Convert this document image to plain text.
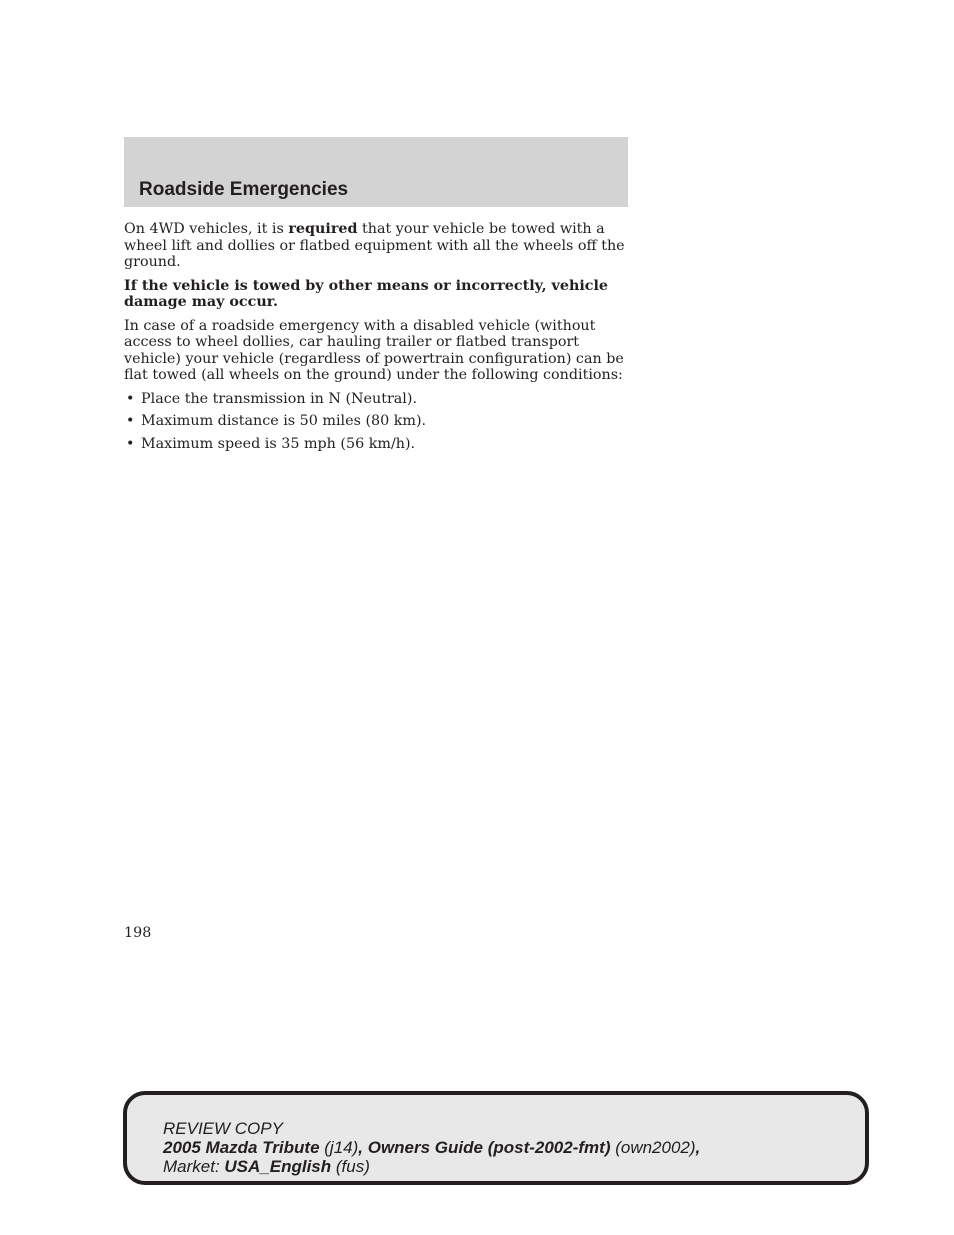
Roadside Emergencies

On 4WD vehicles, it is required that your vehicle be towed with a wheel lift and dollies or flatbed equipment with all the wheels off the ground.

If the vehicle is towed by other means or incorrectly, vehicle damage may occur.

In case of a roadside emergency with a disabled vehicle (without access to wheel dollies, car hauling trailer or flatbed transport vehicle) your vehicle (regardless of powertrain configuration) can be flat towed (all wheels on the ground) under the following conditions:

• Place the transmission in N (Neutral).
• Maximum distance is 50 miles (80 km).
• Maximum speed is 35 mph (56 km/h).
198
REVIEW COPY
2005 Mazda Tribute (j14), Owners Guide (post-2002-fmt) (own2002),
Market: USA_English (fus)
